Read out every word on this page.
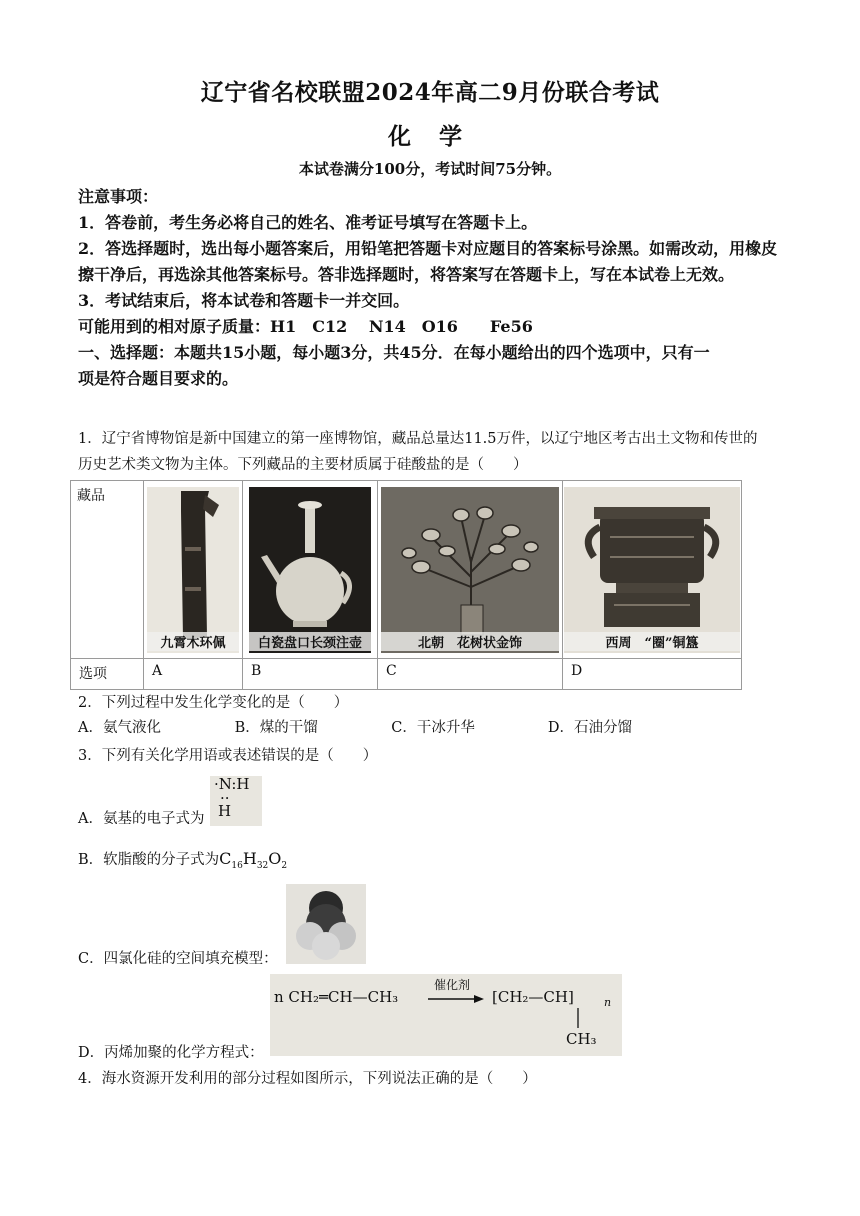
辽宁省名校联盟2024年高二9月份联合考试
化 学
本试卷满分100分，考试时间75分钟。
注意事项：
1．答卷前，考生务必将自己的姓名、准考证号填写在答题卡上。
2．答选择题时，选出每小题答案后，用铅笔把答题卡对应题目的答案标号涂黑。如需改动，用橡皮擦干净后，再选涂其他答案标号。答非选择题时，将答案写在答题卡上，写在本试卷上无效。
3．考试结束后，将本试卷和答题卡一并交回。
可能用到的相对原子质量：H1　C12　 N14　O16　　Fe56
一、选择题：本题共15小题，每小题3分，共45分．在每小题给出的四个选项中，只有一
项是符合题目要求的。
1．辽宁省博物馆是新中国建立的第一座博物馆，藏品总量达11.5万件，以辽宁地区考古出土文物和传世的
历史艺术类文物为主体。下列藏品的主要材质属于硅酸盐的是（　　）
藏品	九霄木环佩	白瓷盘口长颈注壶	北朝　花树状金饰	西周　“圈”铜簋

选项	A	B	C	D
2．下列过程中发生化学变化的是（　　）
A．氨气液化	B．煤的干馏	C．干冰升华	D．石油分馏
3．下列有关化学用语或表述错误的是（　　）
A．氨基的电子式为
·N:H
··
H
B．软脂酸的分子式为$C_{16}H_{32}O_2$
C．四氯化硅的空间填充模型：
n CH₂═CH—CH₃
催化剂
→ [CH₂—CH]	n
CH₃
D．丙烯加聚的化学方程式：
4．海水资源开发利用的部分过程如图所示，下列说法正确的是（　　）
